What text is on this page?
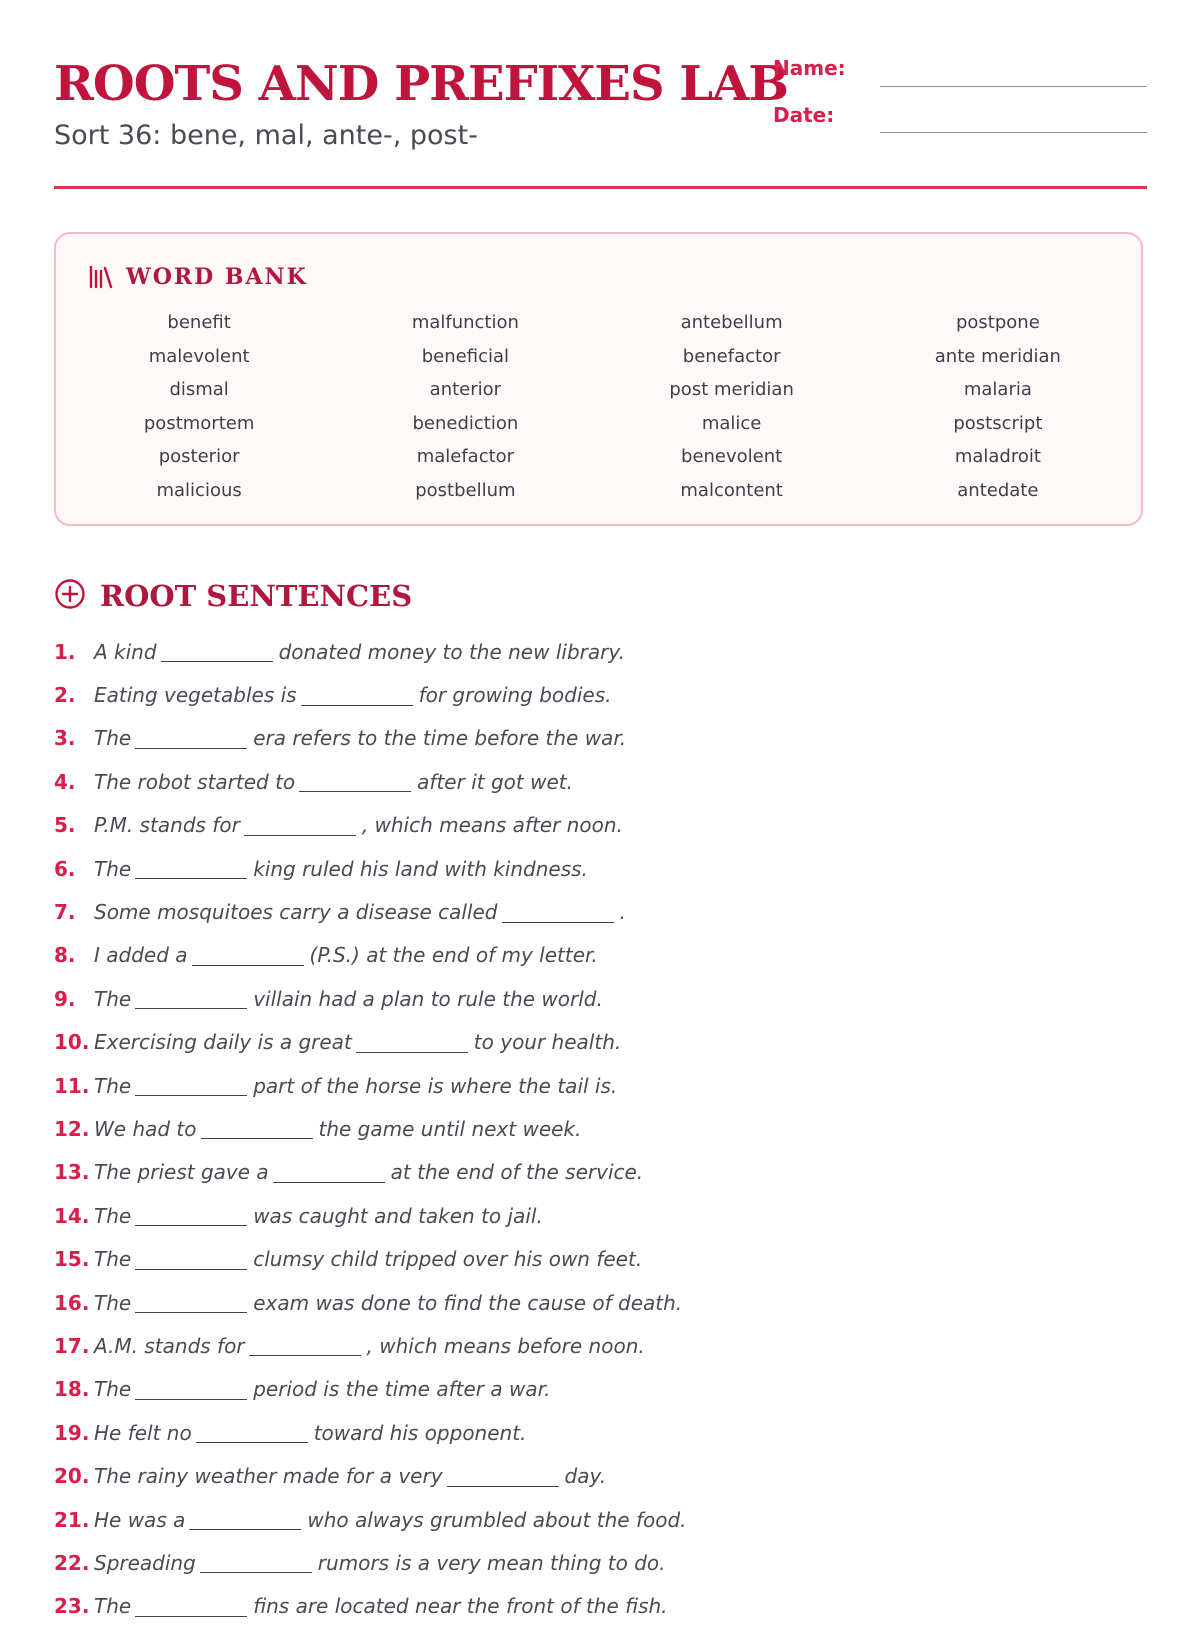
ROOTS AND PREFIXES LAB

Sort 36: bene, mal, ante-, post-

Name:
Date:
WORD BANK
benefit	malfunction	antebellum	postpone
malevolent	beneficial	benefactor	ante meridian
dismal	anterior	post meridian	malaria
postmortem	benediction	malice	postscript
posterior	malefactor	benevolent	maladroit
malicious	postbellum	malcontent	antedate
ROOT SENTENCES
1. A kind	donated money to the new library.
2. Eating vegetables is	for growing bodies.
3. The	era refers to the time before the war.
4. The robot started to	after it got wet.
5. P.M. stands for	, which means after noon.
6. The	king ruled his land with kindness.
7. Some mosquitoes carry a disease called	.
8. I added a	(P.S.) at the end of my letter.
9. The	villain had a plan to rule the world.
10. Exercising daily is a great	to your health.
11. The	part of the horse is where the tail is.
12. We had to	the game until next week.
13. The priest gave a	at the end of the service.
14. The	was caught and taken to jail.
15. The	clumsy child tripped over his own feet.
16. The	exam was done to find the cause of death.
17. A.M. stands for	, which means before noon.
18. The	period is the time after a war.
19. He felt no	toward his opponent.
20. The rainy weather made for a very	day.
21. He was a	who always grumbled about the food.
22. Spreading	rumors is a very mean thing to do.
23. The	fins are located near the front of the fish.
